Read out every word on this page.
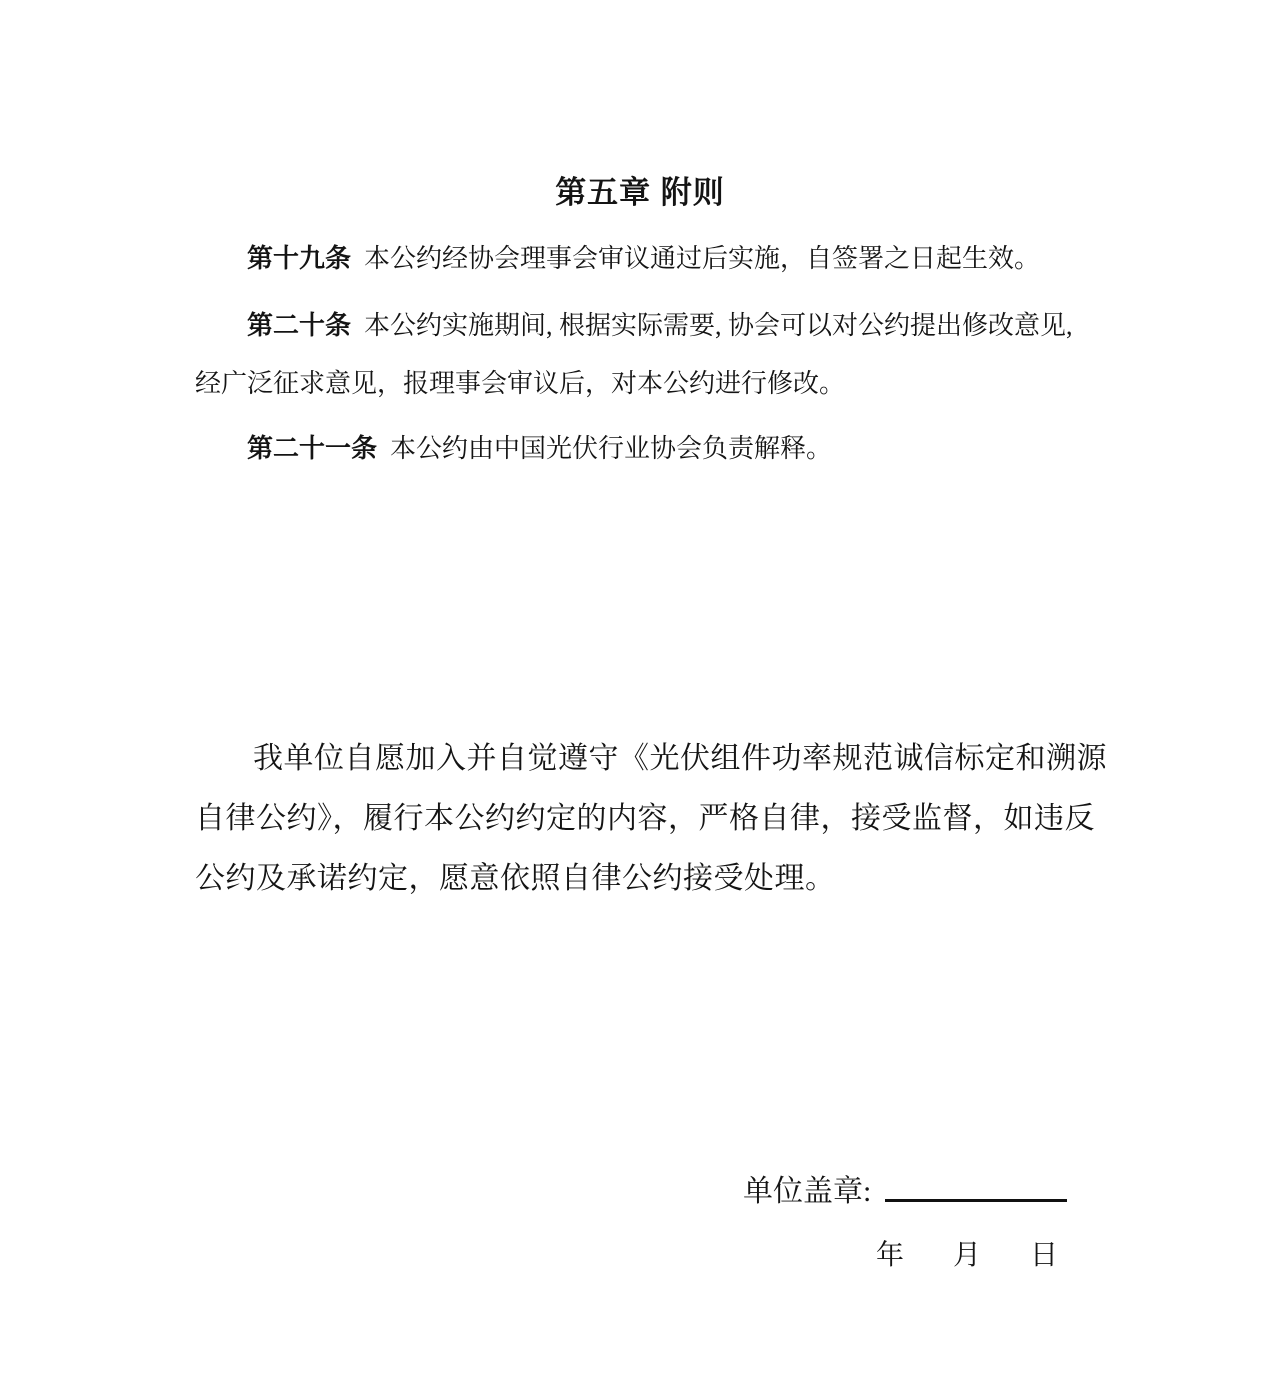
第五章 附则
第十九条 本公约经协会理事会审议通过后实施，自签署之日起生效。
第二十条 本公约实施期间, 根据实际需要, 协会可以对公约提出修改意见,
经广泛征求意见，报理事会审议后，对本公约进行修改。
第二十一条 本公约由中国光伏行业协会负责解释。
我单位自愿加入并自觉遵守《光伏组件功率规范诚信标定和溯源
自律公约》，履行本公约约定的内容，严格自律，接受监督，如违反
公约及承诺约定，愿意依照自律公约接受处理。
单位盖章:
年 月 日
